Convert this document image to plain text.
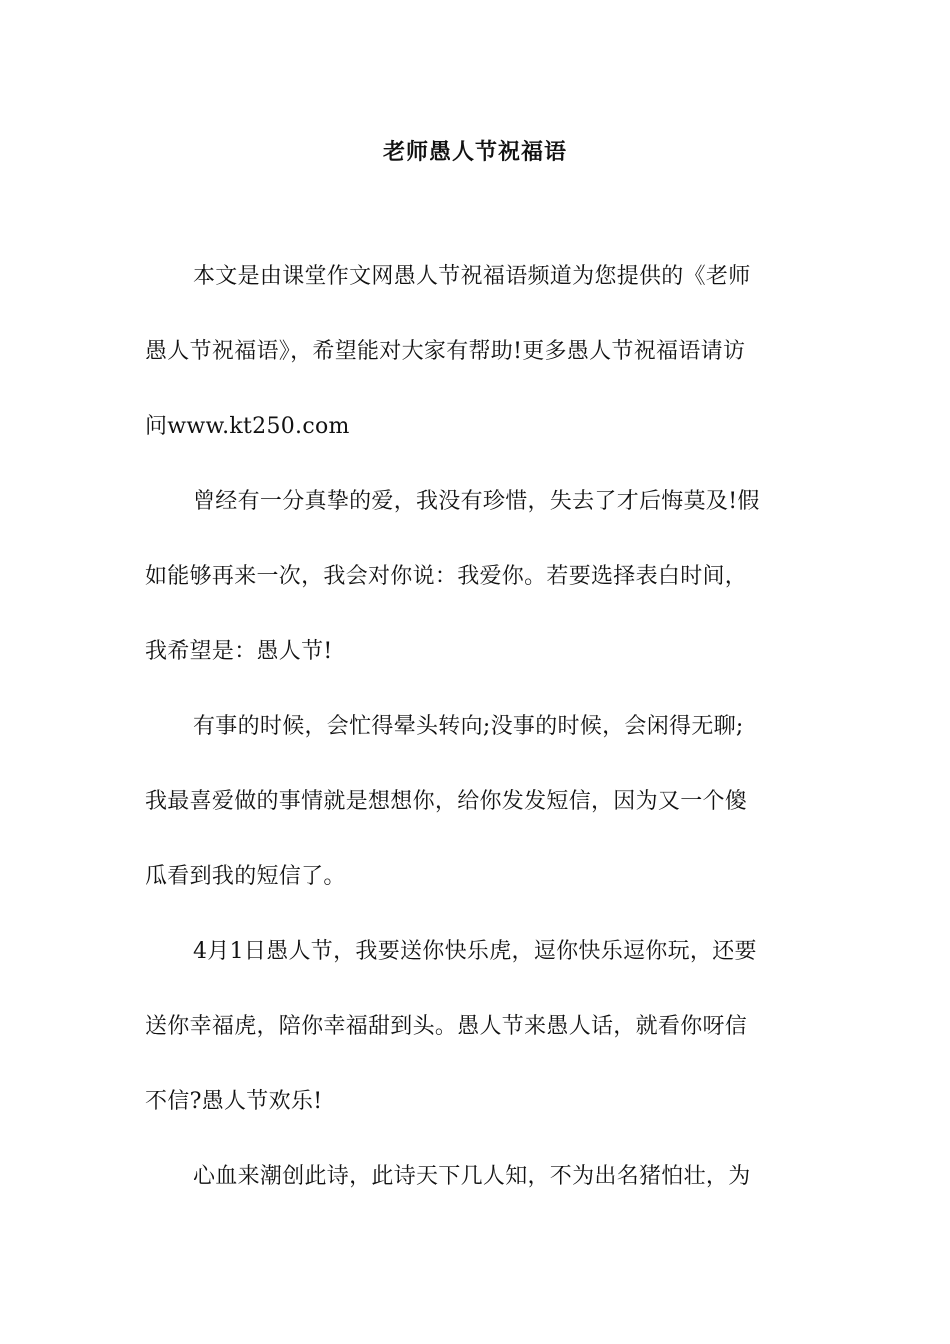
老师愚人节祝福语
本文是由课堂作文网愚人节祝福语频道为您提供的《老师
愚人节祝福语》，希望能对大家有帮助!更多愚人节祝福语请访
问www.kt250.com
曾经有一分真挚的爱，我没有珍惜，失去了才后悔莫及!假
如能够再来一次，我会对你说：我爱你。若要选择表白时间，
我希望是：愚人节!
有事的时候，会忙得晕头转向;没事的时候，会闲得无聊;
我最喜爱做的事情就是想想你，给你发发短信，因为又一个傻
瓜看到我的短信了。
4月1日愚人节，我要送你快乐虎，逗你快乐逗你玩，还要
送你幸福虎，陪你幸福甜到头。愚人节来愚人话，就看你呀信
不信?愚人节欢乐!
心血来潮创此诗，此诗天下几人知，不为出名猪怕壮，为
